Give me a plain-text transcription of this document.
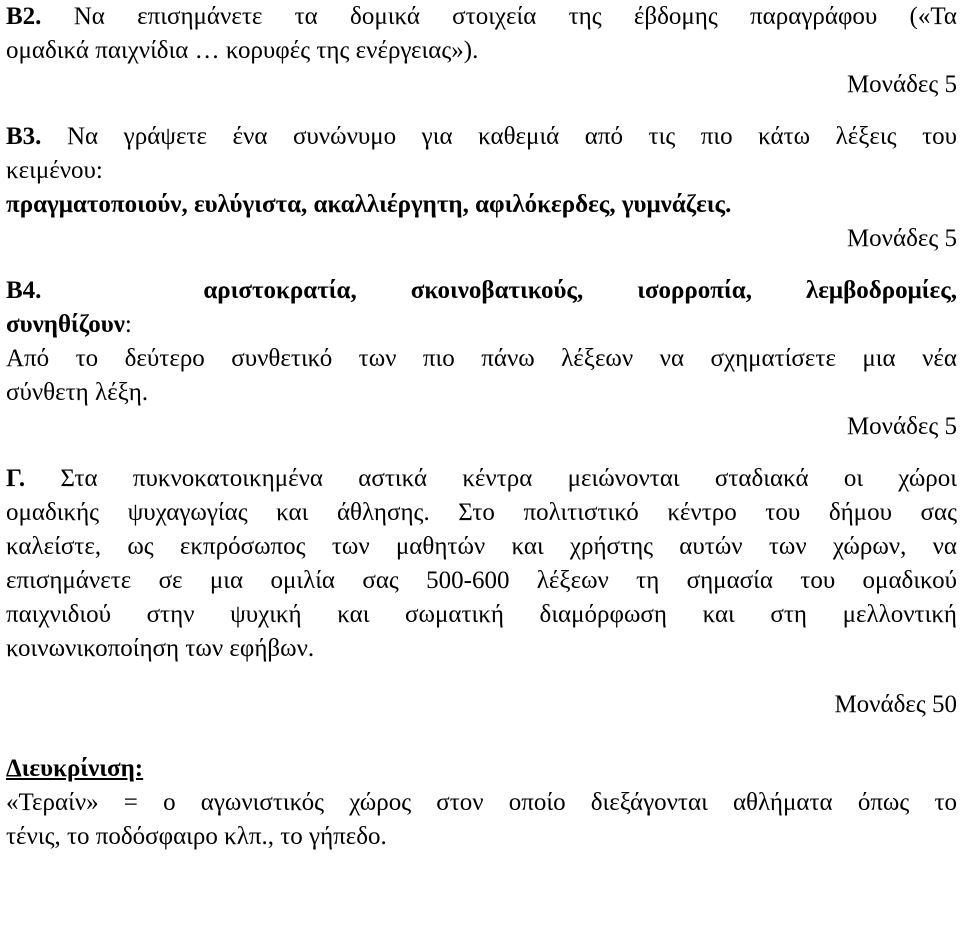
Β2. Να επισημάνετε τα δομικά στοιχεία της έβδομης παραγράφου («Τα
ομαδικά παιχνίδια … κορυφές της ενέργειας»).
Μονάδες 5
Β3. Να γράψετε ένα συνώνυμο για καθεμιά από τις πιο κάτω λέξεις του
κειμένου:
πραγματοποιούν, ευλύγιστα, ακαλλιέργητη, αφιλόκερδες, γυμνάζεις.
Μονάδες 5
Β4.	αριστοκρατία, σκοινοβατικούς, ισορροπία, λεμβοδρομίες,
συνηθίζουν:
Από το δεύτερο συνθετικό των πιο πάνω λέξεων να σχηματίσετε μια νέα
σύνθετη λέξη.
Μονάδες 5
Γ. Στα πυκνοκατοικημένα αστικά κέντρα μειώνονται σταδιακά οι χώροι
ομαδικής ψυχαγωγίας και άθλησης. Στο πολιτιστικό κέντρο του δήμου σας
καλείστε, ως εκπρόσωπος των μαθητών και χρήστης αυτών των χώρων, να
επισημάνετε σε μια ομιλία σας 500-600 λέξεων τη σημασία του ομαδικού
παιχνιδιού στην ψυχική και σωματική διαμόρφωση και στη μελλοντική
κοινωνικοποίηση των εφήβων.
Μονάδες 50
Διευκρίνιση:
«Τεραίν» = ο αγωνιστικός χώρος στον οποίο διεξάγονται αθλήματα όπως το
τένις, το ποδόσφαιρο κλπ., το γήπεδο.
